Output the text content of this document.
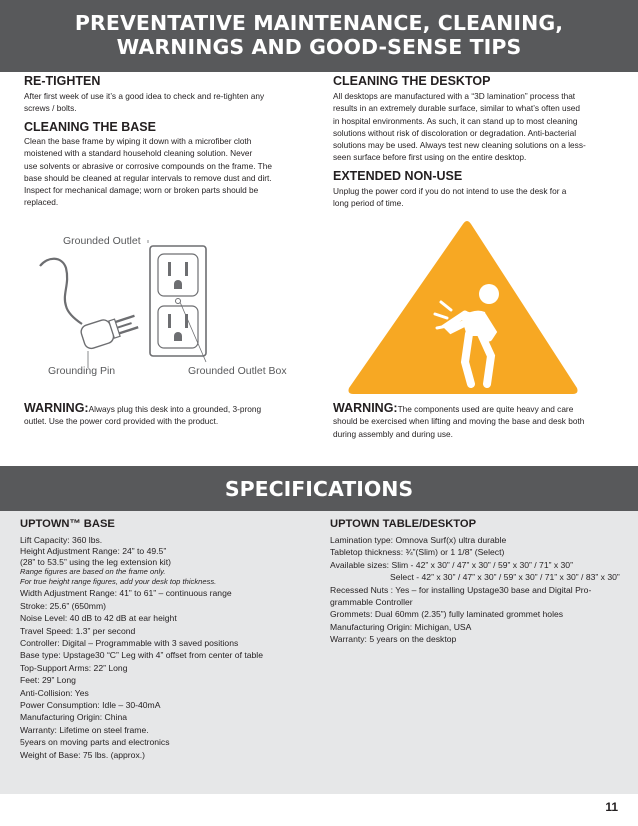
PREVENTATIVE MAINTENANCE, CLEANING,
WARNINGS AND GOOD-SENSE TIPS
RE-TIGHTEN
After first week of use it’s a good idea to check and re-tighten any
screws / bolts.
CLEANING THE BASE
Clean the base frame by wiping it down with a microfiber cloth
moistened with a standard household cleaning solution. Never
use solvents or abrasive or corrosive compounds on the frame. The
base should be cleaned at regular intervals to remove dust and dirt.
Inspect for mechanical damage; worn or broken parts should be
replaced.
CLEANING THE DESKTOP
All desktops are manufactured with a “3D lamination” process that
results in an extremely durable surface, similar to what’s often used
in hospital environments. As such, it can stand up to most cleaning
solutions without risk of discoloration or degradation. Anti-bacterial
solutions may be used. Always test new cleaning solutions on a less-
seen surface before first using on the entire desktop.
EXTENDED NON-USE
Unplug the power cord if you do not intend to use the desk for a
long period of time.
Grounded Outlet
Grounding Pin	Grounded Outlet Box
WARNING:Always plug this desk into a grounded, 3-prong
outlet. Use the power cord provided with the product.
WARNING:The components used are quite heavy and care
should be exercised when lifting and moving the base and desk both
during assembly and during use.
SPECIFICATIONS
UPTOWN™ BASE
Lift Capacity: 360 lbs.
Height Adjustment Range: 24” to 49.5”
(28” to 53.5” using the leg extension kit)
Range figures are based on the frame only.
For true height range figures, add your desk top thickness.
Width Adjustment Range: 41” to 61” – continuous range
Stroke: 25.6” (650mm)
Noise Level: 40 dB to 42 dB at ear height
Travel Speed: 1.3” per second
Controller: Digital – Programmable with 3 saved positions
Base type: Upstage30 “C” Leg with 4” offset from center of table
Top-Support Arms: 22” Long
Feet: 29” Long
Anti-Collision: Yes
Power Consumption: Idle – 30-40mA
Manufacturing Origin: China
Warranty: Lifetime on steel frame.
5years on moving parts and electronics
Weight of Base: 75 lbs. (approx.)
UPTOWN TABLE/DESKTOP
Lamination type: Omnova Surf(x) ultra durable
Tabletop thickness: ¾”(Slim) or 1 1/8” (Select)
Available sizes: Slim - 42” x 30” / 47” x 30” / 59” x 30” / 71” x 30”
Select - 42” x 30” / 47” x 30” / 59” x 30” / 71” x 30” / 83” x 30”
Recessed Nuts : Yes – for installing Upstage30 base and Digital Pro-
grammable Controller
Grommets: Dual 60mm (2.35”) fully laminated grommet holes
Manufacturing Origin: Michigan, USA
Warranty: 5 years on the desktop
11
